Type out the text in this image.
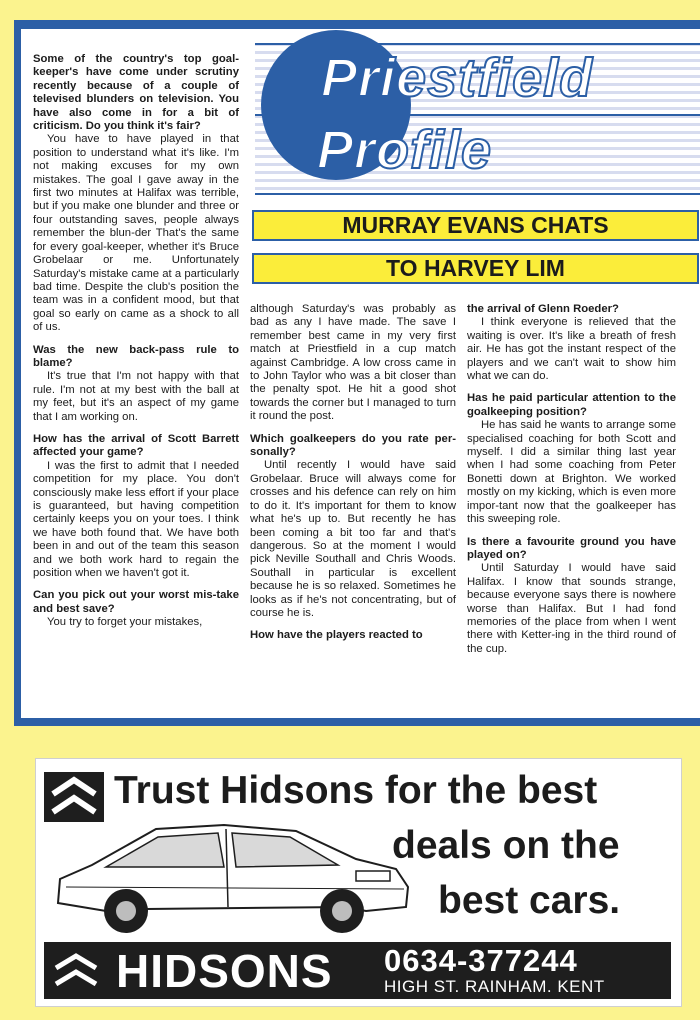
Priestfield
Profile
MURRAY EVANS CHATS
TO HARVEY LIM

Some of the country's top goal-keeper's have come under scrutiny recently because of a couple of televised blunders on television. You have also come in for a bit of criticism. Do you think it's fair?

You have to have played in that position to understand what it's like. I'm not making excuses for my own mistakes. The goal I gave away in the first two minutes at Halifax was terrible, but if you make one blunder and three or four outstanding saves, people always remember the blun-der That's the same for every goal-keeper, whether it's Bruce Grobelaar or me. Unfortunately Saturday's mistake came at a particularly bad time. Despite the club's position the team was in a confident mood, but that goal so early on came as a shock to all of us.

Was the new back-pass rule to blame?

It's true that I'm not happy with that rule. I'm not at my best with the ball at my feet, but it's an aspect of my game that I am working on.

How has the arrival of Scott Barrett affected your game?

I was the first to admit that I needed competition for my place. You don't consciously make less effort if your place is guaranteed, but having competition certainly keeps you on your toes. I think we have both found that. We have both been in and out of the team this season and we both work hard to regain the position when we haven't got it.

Can you pick out your worst mis-take and best save?

You try to forget your mistakes,

although Saturday's was probably as bad as any I have made. The save I remember best came in my very first match at Priestfield in a cup match against Cambridge. A low cross came in to John Taylor who was a bit closer than the penalty spot. He hit a good shot towards the corner but I managed to turn it round the post.

Which goalkeepers do you rate per-sonally?

Until recently I would have said Grobelaar. Bruce will always come for crosses and his defence can rely on him to do it. It's important for them to know what he's up to. But recently he has been coming a bit too far and that's dangerous. So at the moment I would pick Neville Southall and Chris Woods. Southall in particular is excellent because he is so relaxed. Sometimes he looks as if he's not concentrating, but of course he is.

How have the players reacted to

the arrival of Glenn Roeder?

I think everyone is relieved that the waiting is over. It's like a breath of fresh air. He has got the instant respect of the players and we can't wait to show him what we can do.

Has he paid particular attention to the goalkeeping position?

He has said he wants to arrange some specialised coaching for both Scott and myself. I did a similar thing last year when I had some coaching from Peter Bonetti down at Brighton. We worked mostly on my kicking, which is even more impor-tant now that the goalkeeper has this sweeping role.

Is there a favourite ground you have played on?

Until Saturday I would have said Halifax. I know that sounds strange, because everyone says there is nowhere worse than Halifax. But I had fond memories of the place from when I went there with Ketter-ing in the third round of the cup.

Trust Hidsons for the best
deals on the
best cars.
HIDSONS 0634-377244
HIGH ST. RAINHAM. KENT
